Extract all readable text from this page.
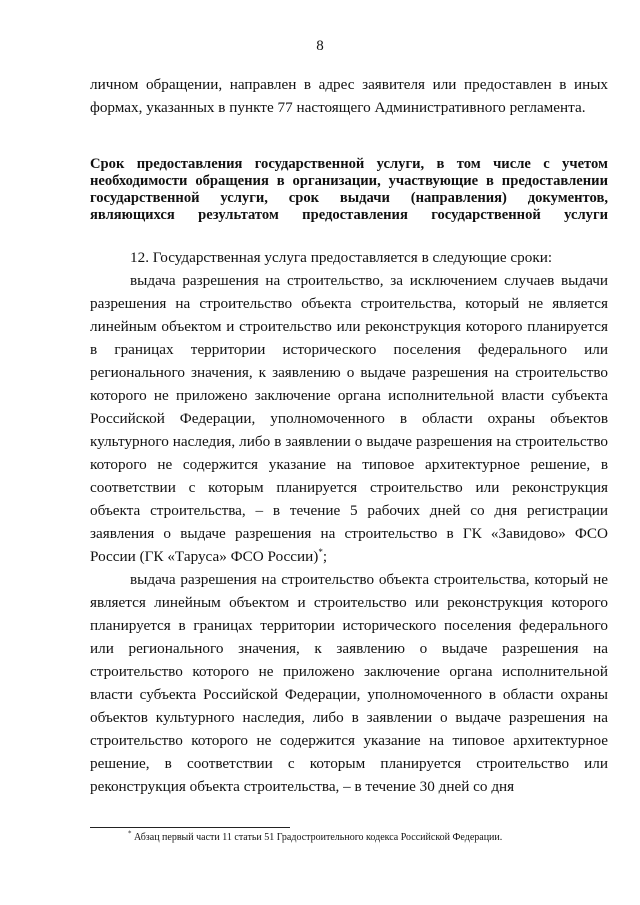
8

личном обращении, направлен в адрес заявителя или предоставлен в иных формах, указанных в пункте 77 настоящего Административного регламента.

Срок предоставления государственной услуги, в том числе с учетом необходимости обращения в организации, участвующие в предоставлении государственной услуги, срок выдачи (направления) документов, являющихся результатом предоставления государственной услуги

12. Государственная услуга предоставляется в следующие сроки:

выдача разрешения на строительство, за исключением случаев выдачи разрешения на строительство объекта строительства, который не является линейным объектом и строительство или реконструкция которого планируется в границах территории исторического поселения федерального или регионального значения, к заявлению о выдаче разрешения на строительство которого не приложено заключение органа исполнительной власти субъекта Российской Федерации, уполномоченного в области охраны объектов культурного наследия, либо в заявлении о выдаче разрешения на строительство которого не содержится указание на типовое архитектурное решение, в соответствии с которым планируется строительство или реконструкция объекта строительства, – в течение 5 рабочих дней со дня регистрации заявления о выдаче разрешения на строительство в ГК «Завидово» ФСО России (ГК «Таруса» ФСО России)*;

выдача разрешения на строительство объекта строительства, который не является линейным объектом и строительство или реконструкция которого планируется в границах территории исторического поселения федерального или регионального значения, к заявлению о выдаче разрешения на строительство которого не приложено заключение органа исполнительной власти субъекта Российской Федерации, уполномоченного в области охраны объектов культурного наследия, либо в заявлении о выдаче разрешения на строительство которого не содержится указание на типовое архитектурное решение, в соответствии с которым планируется строительство или реконструкция объекта строительства, – в течение 30 дней со дня

* Абзац первый части 11 статьи 51 Градостроительного кодекса Российской Федерации.
